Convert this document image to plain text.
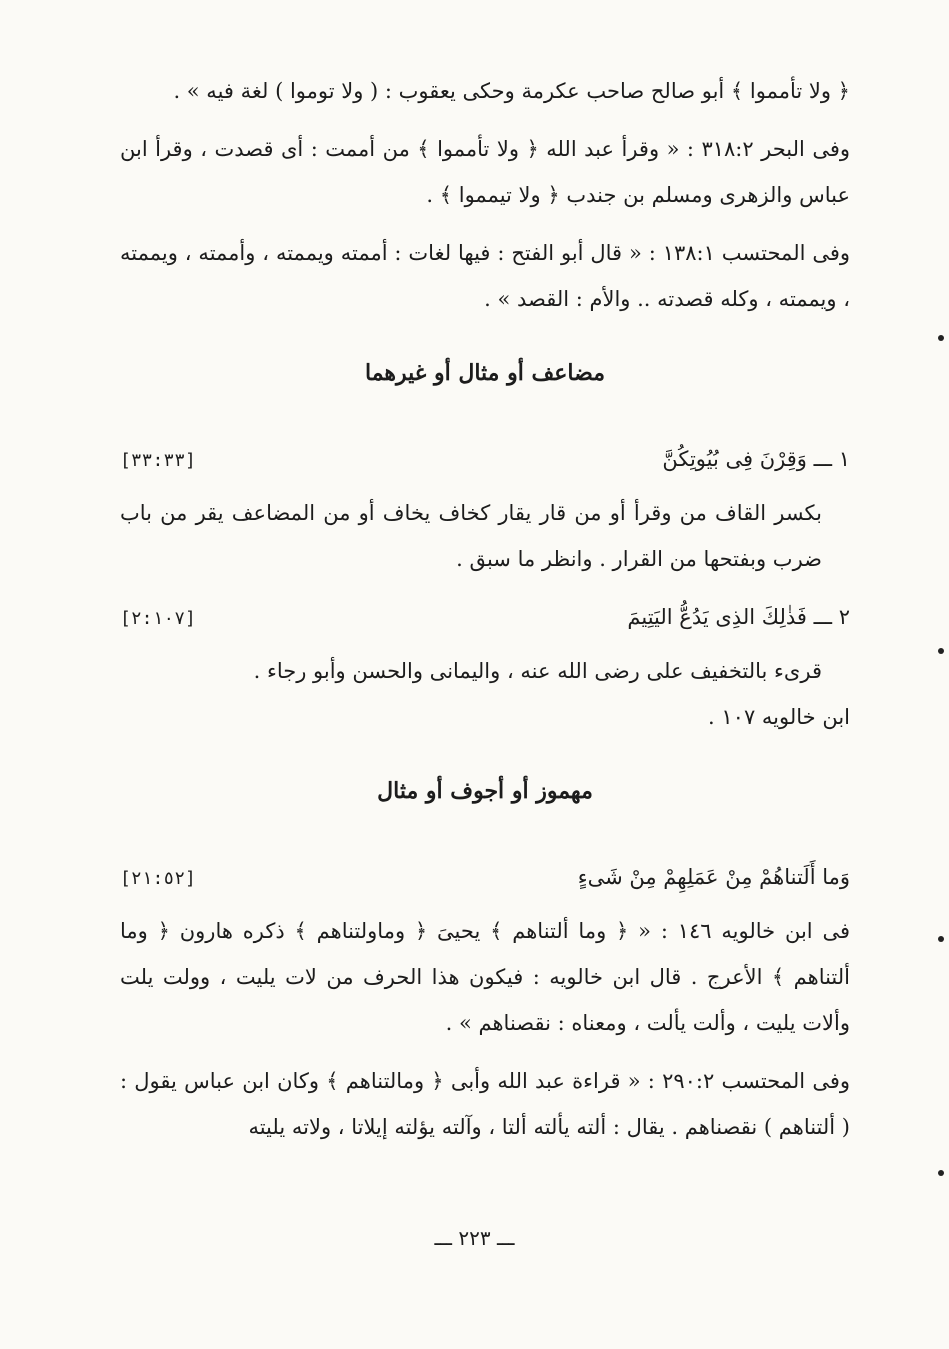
﴿ ولا تأمموا ﴾ أبو صالح صاحب عكرمة وحكى يعقوب : ( ولا توموا ) لغة فيه » .

وفى البحر ٣١٨:٢ : « وقرأ عبد الله ﴿ ولا تأمموا ﴾ من أممت : أى قصدت ، وقرأ ابن عباس والزهرى ومسلم بن جندب ﴿ ولا تيمموا ﴾ .

وفى المحتسب ١٣٨:١ : « قال أبو الفتح : فيها لغات : أممته ويممته ، وأممته ، ويممته ، ويممته ، وكله قصدته .. والأم : القصد » .

مضاعف أو مثال أو غيرهما
١ ـــ وَقِرْنَ فِى بُيُوتِكُنَّ
[٣٣:٣٣]

بكسر القاف من وقرأ أو من قار يقار كخاف يخاف أو من المضاعف يقر من باب ضرب وبفتحها من القرار . وانظر ما سبق .

٢ ـــ فَذٰلِكَ الذِى يَدُعُّ اليَتِيمَ
[٢:١٠٧]

قرىء بالتخفيف على رضى الله عنه ، واليمانى والحسن وأبو رجاء .

ابن خالويه ١٠٧ .

مهموز أو أجوف أو مثال
وَما أَلَتناهُمْ مِنْ عَمَلِهِمْ مِنْ شَىءٍ
[٢١:٥٢]

فى ابن خالويه ١٤٦ : « ﴿ وما ألتناهم ﴾ يحيىَ ﴿ وماولتناهم ﴾ ذكره هارون ﴿ وما ألتناهم ﴾ الأعرج . قال ابن خالويه : فيكون هذا الحرف من لات يليت ، وولت يلت وألات يليت ، وألت يألت ، ومعناه : نقصناهم » .

وفى المحتسب ٢٩٠:٢ : « قراءة عبد الله وأبى ﴿ ومالتناهم ﴾ وكان ابن عباس يقول : ( ألتناهم ) نقصناهم . يقال : ألته يألته ألتا ، وآلته يؤلته إيلاتا ، ولاته يليته

ـــ ٢٢٣ ـــ
